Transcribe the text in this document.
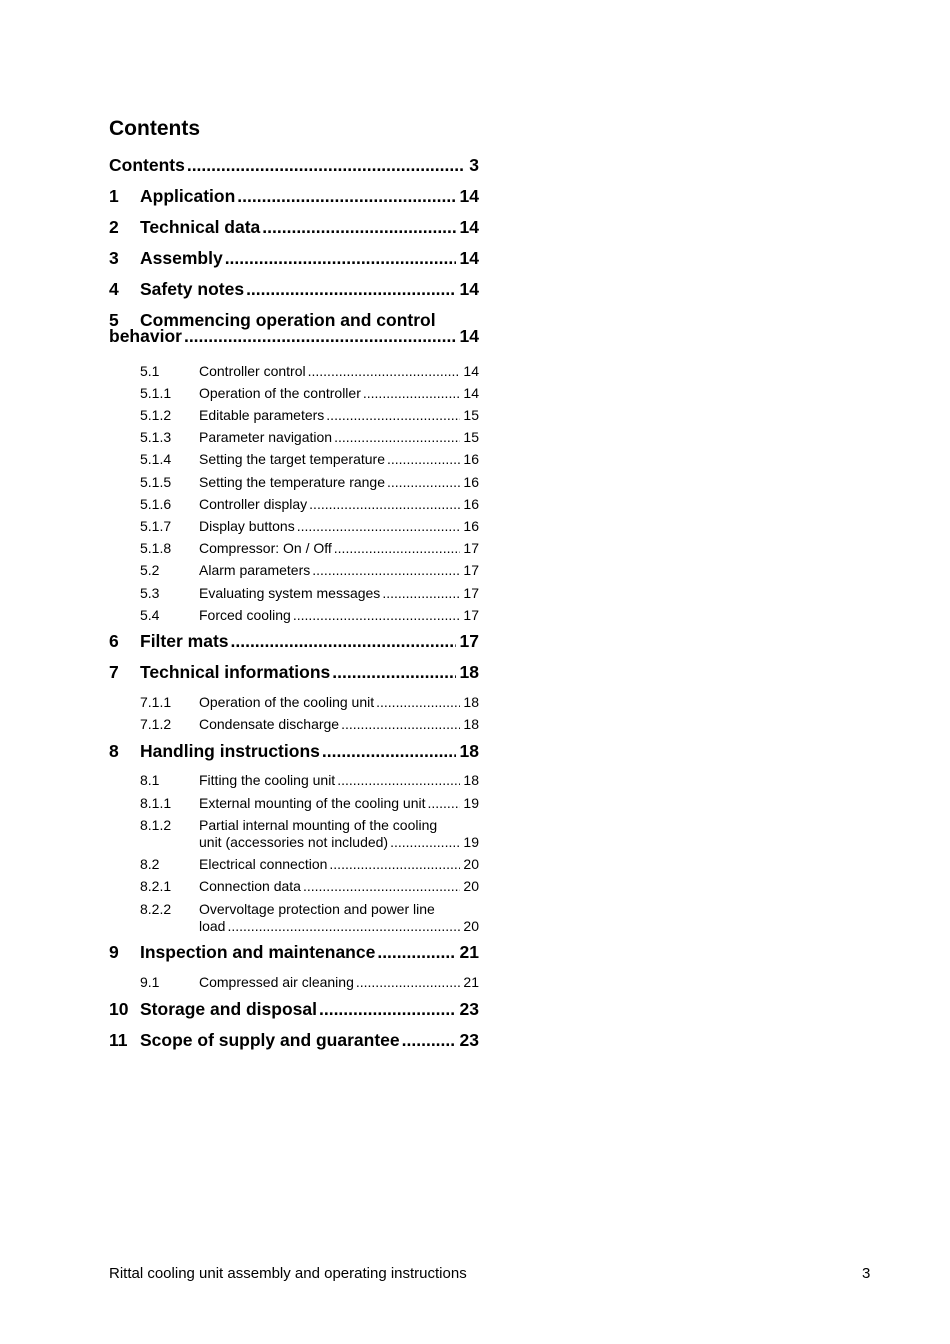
Contents
Contents .....	3
1	Application .....	14
2	Technical data .....	14
3	Assembly .....	14
4	Safety notes .....	14
5	Commencing operation and control
behavior .....	14
5.1	Controller control .....	14
5.1.1	Operation of the controller .....	14
5.1.2	Editable parameters .....	15
5.1.3	Parameter navigation .....	15
5.1.4	Setting the target temperature .....	16
5.1.5	Setting the temperature range .....	16
5.1.6	Controller display .....	16
5.1.7	Display buttons .....	16
5.1.8	Compressor: On / Off .....	17
5.2	Alarm parameters .....	17
5.3	Evaluating system messages .....	17
5.4	Forced cooling .....	17
6	Filter mats .....	17
7	Technical informations .....	18
7.1.1	Operation of the cooling unit .....	18
7.1.2	Condensate discharge .....	18
8	Handling instructions .....	18
8.1	Fitting the cooling unit .....	18
8.1.1	External mounting of the cooling unit .....	19
8.1.2	Partial internal mounting of the cooling
unit (accessories not included) .....	19
8.2	Electrical connection .....	20
8.2.1	Connection data .....	20
8.2.2	Overvoltage protection and power line
load .....	20
9	Inspection and maintenance .....	21
9.1	Compressed air cleaning .....	21
10 Storage and disposal .....	23
11 Scope of supply and guarantee .....	23
Rittal cooling unit assembly and operating instructions	3
